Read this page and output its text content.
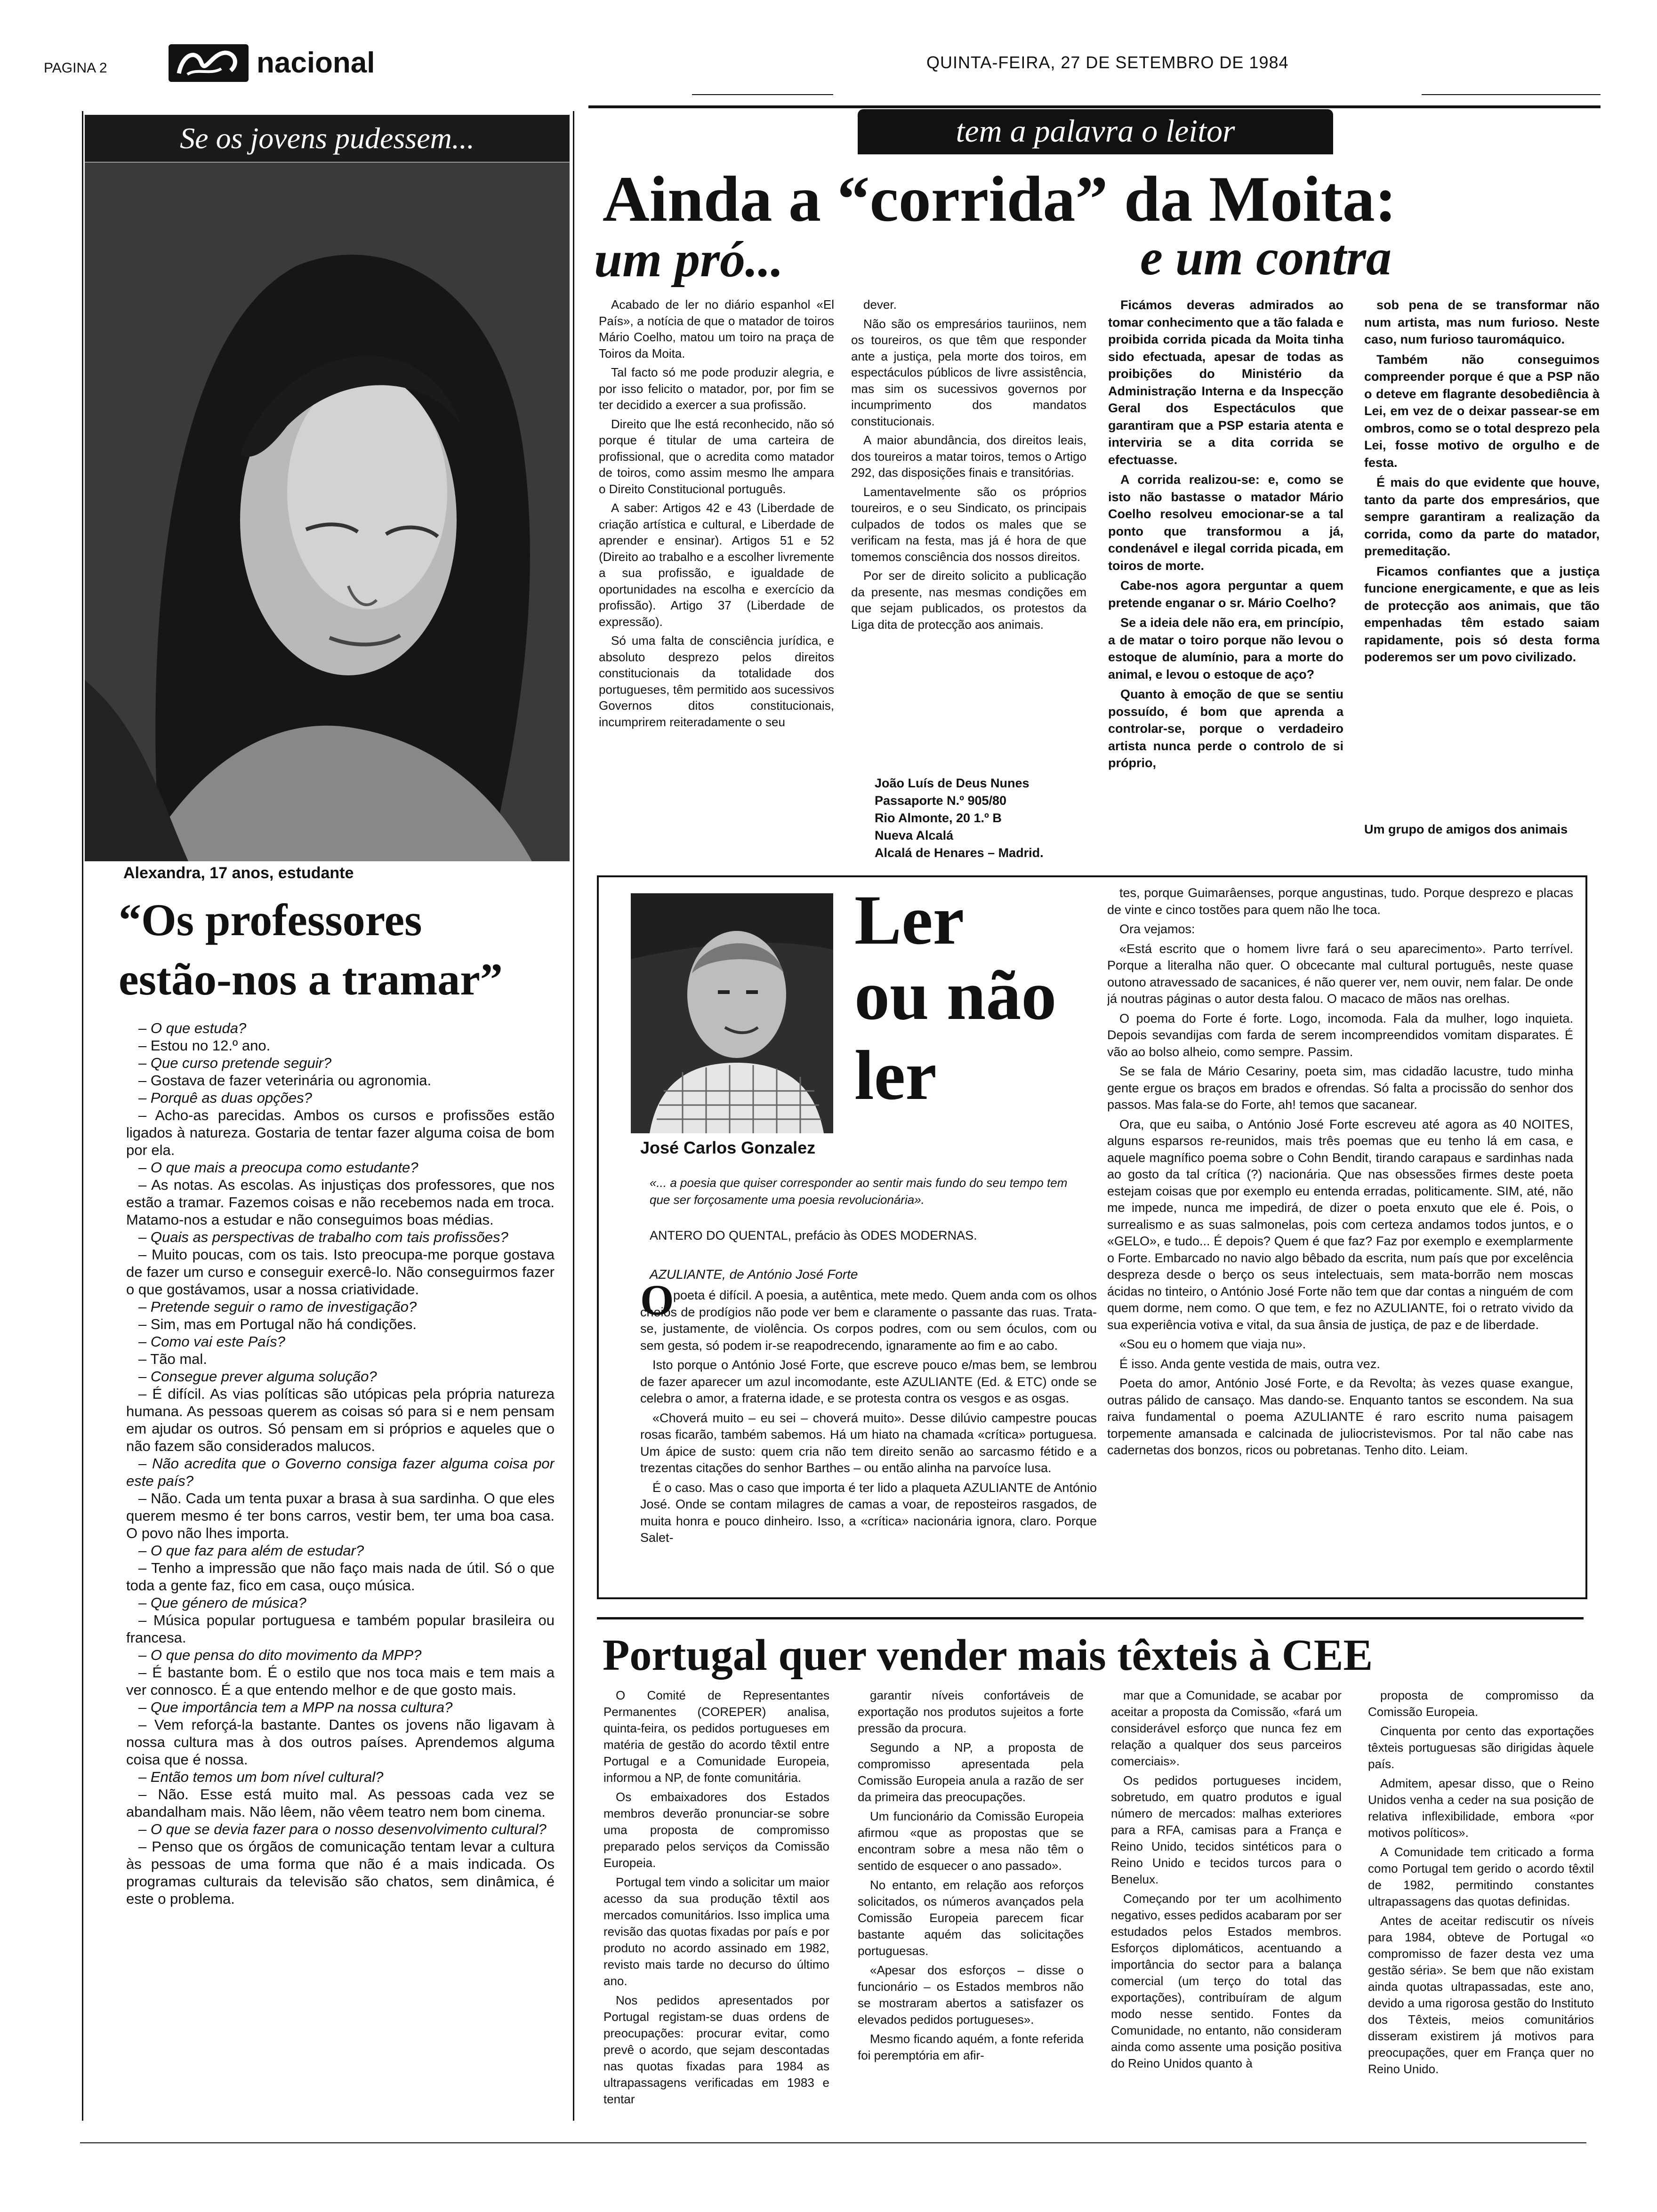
PAGINA 2	nacional	QUINTA-FEIRA, 27 DE SETEMBRO DE 1984
Se os jovens pudessem...
Alexandra, 17 anos, estudante
“Os professores
estão-nos a tramar”
– O que estuda?
– Estou no 12.º ano.
– Que curso pretende seguir?
– Gostava de fazer veterinária ou agronomia.
– Porquê as duas opções?
– Acho-as parecidas. Ambos os cursos e profissões estão ligados à natureza. Gostaria de tentar fazer alguma coisa de bom por ela.
– O que mais a preocupa como estudante?
– As notas. As escolas. As injustiças dos professores, que nos estão a tramar. Fazemos coisas e não recebemos nada em troca. Matamo-nos a estudar e não conseguimos boas médias.
– Quais as perspectivas de trabalho com tais profissões?
– Muito poucas, com os tais. Isto preocupa-me porque gostava de fazer um curso e conseguir exercê-lo. Não conseguirmos fazer o que gostávamos, usar a nossa criatividade.
– Pretende seguir o ramo de investigação?
– Sim, mas em Portugal não há condições.
– Como vai este País?
– Tão mal.
– Consegue prever alguma solução?
– É difícil. As vias políticas são utópicas pela própria natureza humana. As pessoas querem as coisas só para si e nem pensam em ajudar os outros. Só pensam em si próprios e aqueles que o não fazem são considerados malucos.
– Não acredita que o Governo consiga fazer alguma coisa por este país?
– Não. Cada um tenta puxar a brasa à sua sardinha. O que eles querem mesmo é ter bons carros, vestir bem, ter uma boa casa. O povo não lhes importa.
– O que faz para além de estudar?
– Tenho a impressão que não faço mais nada de útil. Só o que toda a gente faz, fico em casa, ouço música.
– Que género de música?
– Música popular portuguesa e também popular brasileira ou francesa.
– O que pensa do dito movimento da MPP?
– É bastante bom. É o estilo que nos toca mais e tem mais a ver connosco. É a que entendo melhor e de que gosto mais.
– Que importância tem a MPP na nossa cultura?
– Vem reforçá-la bastante. Dantes os jovens não ligavam à nossa cultura mas à dos outros países. Aprendemos alguma coisa que é nossa.
– Então temos um bom nível cultural?
– Não. Esse está muito mal. As pessoas cada vez se abandalham mais. Não lêem, não vêem teatro nem bom cinema.
– O que se devia fazer para o nosso desenvolvimento cultural?
– Penso que os órgãos de comunicação tentam levar a cultura às pessoas de uma forma que não é a mais indicada. Os programas culturais da televisão são chatos, sem dinâmica, é este o problema.
tem a palavra o leitor
Ainda a “corrida” da Moita:
um pró...	e um contra

Acabado de ler no diário espanhol «El País», a notícia de que o matador de toiros Mário Coelho, matou um toiro na praça de Toiros da Moita.

Tal facto só me pode produzir alegria, e por isso felicito o matador, por, por fim se ter decidido a exercer a sua profissão.

Direito que lhe está reconhecido, não só porque é titular de uma carteira de profissional, que o acredita como matador de toiros, como assim mesmo lhe ampara o Direito Constitucional português.

A saber: Artigos 42 e 43 (Liberdade de criação artística e cultural, e Liberdade de aprender e ensinar). Artigos 51 e 52 (Direito ao trabalho e a escolher livremente a sua profissão, e igualdade de oportunidades na escolha e exercício da profissão). Artigo 37 (Liberdade de expressão).

Só uma falta de consciência jurídica, e absoluto desprezo pelos direitos constitucionais da totalidade dos portugueses, têm permitido aos sucessivos Governos ditos constitucionais, incumprirem reiteradamente o seu

dever.

Não são os empresários tauriinos, nem os toureiros, os que têm que responder ante a justiça, pela morte dos toiros, em espectáculos públicos de livre assistência, mas sim os sucessivos governos por incumprimento dos mandatos constitucionais.

A maior abundância, dos direitos leais, dos toureiros a matar toiros, temos o Artigo 292, das disposições finais e transitórias.

Lamentavelmente são os próprios toureiros, e o seu Sindicato, os principais culpados de todos os males que se verificam na festa, mas já é hora de que tomemos consciência dos nossos direitos.

Por ser de direito solicito a publicação da presente, nas mesmas condições em que sejam publicados, os protestos da Liga dita de protecção aos animais.

João Luís de Deus Nunes
Passaporte N.º 905/80
Rio Almonte, 20 1.º B
Nueva Alcalá
Alcalá de Henares – Madrid.

Ficámos deveras admirados ao tomar conhecimento que a tão falada e proibida corrida picada da Moita tinha sido efectuada, apesar de todas as proibições do Ministério da Administração Interna e da Inspecção Geral dos Espectáculos que garantiram que a PSP estaria atenta e interviria se a dita corrida se efectuasse.

A corrida realizou-se: e, como se isto não bastasse o matador Mário Coelho resolveu emocionar-se a tal ponto que transformou a já, condenável e ilegal corrida picada, em toiros de morte.

Cabe-nos agora perguntar a quem pretende enganar o sr. Mário Coelho?

Se a ideia dele não era, em princípio, a de matar o toiro porque não levou o estoque de alumínio, para a morte do animal, e levou o estoque de aço?

Quanto à emoção de que se sentiu possuído, é bom que aprenda a controlar-se, porque o verdadeiro artista nunca perde o controlo de si próprio,

sob pena de se transformar não num artista, mas num furioso. Neste caso, num furioso tauromáquico.

Também não conseguimos compreender porque é que a PSP não o deteve em flagrante desobediência à Lei, em vez de o deixar passear-se em ombros, como se o total desprezo pela Lei, fosse motivo de orgulho e de festa.

É mais do que evidente que houve, tanto da parte dos empresários, que sempre garantiram a realização da corrida, como da parte do matador, premeditação.

Ficamos confiantes que a justiça funcione energicamente, e que as leis de protecção aos animais, que tão empenhadas têm estado saiam rapidamente, pois só desta forma poderemos ser um povo civilizado.

Um grupo de amigos dos animais
José Carlos Gonzalez
Ler
ou não
ler
«... a poesia que quiser corresponder ao sentir mais fundo do seu tempo tem que ser forçosamente uma poesia revolucionária».
ANTERO DO QUENTAL, prefácio às ODES MODERNAS.
AZULIANTE, de António José Forte
O

poeta é difícil. A poesia, a autêntica, mete medo. Quem anda com os olhos cheios de prodígios não pode ver bem e claramente o passante das ruas. Trata-se, justamente, de violência. Os corpos podres, com ou sem óculos, com ou sem gesta, só podem ir-se reapodrecendo, ignaramente ao fim e ao cabo.

Isto porque o António José Forte, que escreve pouco e/mas bem, se lembrou de fazer aparecer um azul incomodante, este AZULIANTE (Ed. & ETC) onde se celebra o amor, a fraterna idade, e se protesta contra os vesgos e as osgas.

«Choverá muito – eu sei – choverá muito». Desse dilúvio campestre poucas rosas ficarão, também sabemos. Há um hiato na chamada «crítica» portuguesa. Um ápice de susto: quem cria não tem direito senão ao sarcasmo fétido e a trezentas citações do senhor Barthes – ou então alinha na parvoíce lusa.

É o caso. Mas o caso que importa é ter lido a plaqueta AZULIANTE de António José. Onde se contam milagres de camas a voar, de reposteiros rasgados, de muita honra e pouco dinheiro. Isso, a «crítica» nacionária ignora, claro. Porque Salet-

tes, porque Guimarâenses, porque angustinas, tudo. Porque desprezo e placas de vinte e cinco tostões para quem não lhe toca.

Ora vejamos:

«Está escrito que o homem livre fará o seu aparecimento». Parto terrível. Porque a literalha não quer. O obcecante mal cultural português, neste quase outono atravessado de sacanices, é não querer ver, nem ouvir, nem falar. De onde já noutras páginas o autor desta falou. O macaco de mãos nas orelhas.

O poema do Forte é forte. Logo, incomoda. Fala da mulher, logo inquieta. Depois sevandijas com farda de serem incompreendidos vomitam disparates. É vão ao bolso alheio, como sempre. Passim.

Se se fala de Mário Cesariny, poeta sim, mas cidadão lacustre, tudo minha gente ergue os braços em brados e ofrendas. Só falta a procissão do senhor dos passos. Mas fala-se do Forte, ah! temos que sacanear.

Ora, que eu saiba, o António José Forte escreveu até agora as 40 NOITES, alguns esparsos re-reunidos, mais três poemas que eu tenho lá em casa, e aquele magnífico poema sobre o Cohn Bendit, tirando carapaus e sardinhas nada ao gosto da tal crítica (?) nacionária. Que nas obsessões firmes deste poeta estejam coisas que por exemplo eu entenda erradas, politicamente. SIM, até, não me impede, nunca me impedirá, de dizer o poeta enxuto que ele é. Pois, o surrealismo e as suas salmonelas, pois com certeza andamos todos juntos, e o «GELO», e tudo... É depois? Quem é que faz? Faz por exemplo e exemplarmente o Forte. Embarcado no navio algo bêbado da escrita, num país que por excelência despreza desde o berço os seus intelectuais, sem mata-borrão nem moscas ácidas no tinteiro, o António José Forte não tem que dar contas a ninguém de com quem dorme, nem como. O que tem, e fez no AZULIANTE, foi o retrato vivido da sua experiência votiva e vital, da sua ânsia de justiça, de paz e de liberdade.

«Sou eu o homem que viaja nu».

É isso. Anda gente vestida de mais, outra vez.

Poeta do amor, António José Forte, e da Revolta; às vezes quase exangue, outras pálido de cansaço. Mas dando-se. Enquanto tantos se escondem. Na sua raiva fundamental o poema AZULIANTE é raro escrito numa paisagem torpemente amansada e calcinada de juliocristevismos. Por tal não cabe nas cadernetas dos bonzos, ricos ou pobretanas. Tenho dito. Leiam.

Portugal quer vender mais têxteis à CEE

O Comité de Representantes Permanentes (COREPER) analisa, quinta-feira, os pedidos portugueses em matéria de gestão do acordo têxtil entre Portugal e a Comunidade Europeia, informou a NP, de fonte comunitária.

Os embaixadores dos Estados membros deverão pronunciar-se sobre uma proposta de compromisso preparado pelos serviços da Comissão Europeia.

Portugal tem vindo a solicitar um maior acesso da sua produção têxtil aos mercados comunitários. Isso implica uma revisão das quotas fixadas por país e por produto no acordo assinado em 1982, revisto mais tarde no decurso do último ano.

Nos pedidos apresentados por Portugal registam-se duas ordens de preocupações: procurar evitar, como prevê o acordo, que sejam descontadas nas quotas fixadas para 1984 as ultrapassagens verificadas em 1983 e tentar

garantir níveis confortáveis de exportação nos produtos sujeitos a forte pressão da procura.

Segundo a NP, a proposta de compromisso apresentada pela Comissão Europeia anula a razão de ser da primeira das preocupações.

Um funcionário da Comissão Europeia afirmou «que as propostas que se encontram sobre a mesa não têm o sentido de esquecer o ano passado».

No entanto, em relação aos reforços solicitados, os números avançados pela Comissão Europeia parecem ficar bastante aquém das solicitações portuguesas.

«Apesar dos esforços – disse o funcionário – os Estados membros não se mostraram abertos a satisfazer os elevados pedidos portugueses».

Mesmo ficando aquém, a fonte referida foi peremptória em afir-

mar que a Comunidade, se acabar por aceitar a proposta da Comissão, «fará um considerável esforço que nunca fez em relação a qualquer dos seus parceiros comerciais».

Os pedidos portugueses incidem, sobretudo, em quatro produtos e igual número de mercados: malhas exteriores para a RFA, camisas para a França e Reino Unido, tecidos sintéticos para o Reino Unido e tecidos turcos para o Benelux.

Começando por ter um acolhimento negativo, esses pedidos acabaram por ser estudados pelos Estados membros. Esforços diplomáticos, acentuando a importância do sector para a balança comercial (um terço do total das exportações), contribuíram de algum modo nesse sentido. Fontes da Comunidade, no entanto, não consideram ainda como assente uma posição positiva do Reino Unidos quanto à

proposta de compromisso da Comissão Europeia.

Cinquenta por cento das exportações têxteis portuguesas são dirigidas àquele país.

Admitem, apesar disso, que o Reino Unidos venha a ceder na sua posição de relativa inflexibilidade, embora «por motivos políticos».

A Comunidade tem criticado a forma como Portugal tem gerido o acordo têxtil de 1982, permitindo constantes ultrapassagens das quotas definidas.

Antes de aceitar rediscutir os níveis para 1984, obteve de Portugal «o compromisso de fazer desta vez uma gestão séria». Se bem que não existam ainda quotas ultrapassadas, este ano, devido a uma rigorosa gestão do Instituto dos Têxteis, meios comunitários disseram existirem já motivos para preocupações, quer em França quer no Reino Unido.
